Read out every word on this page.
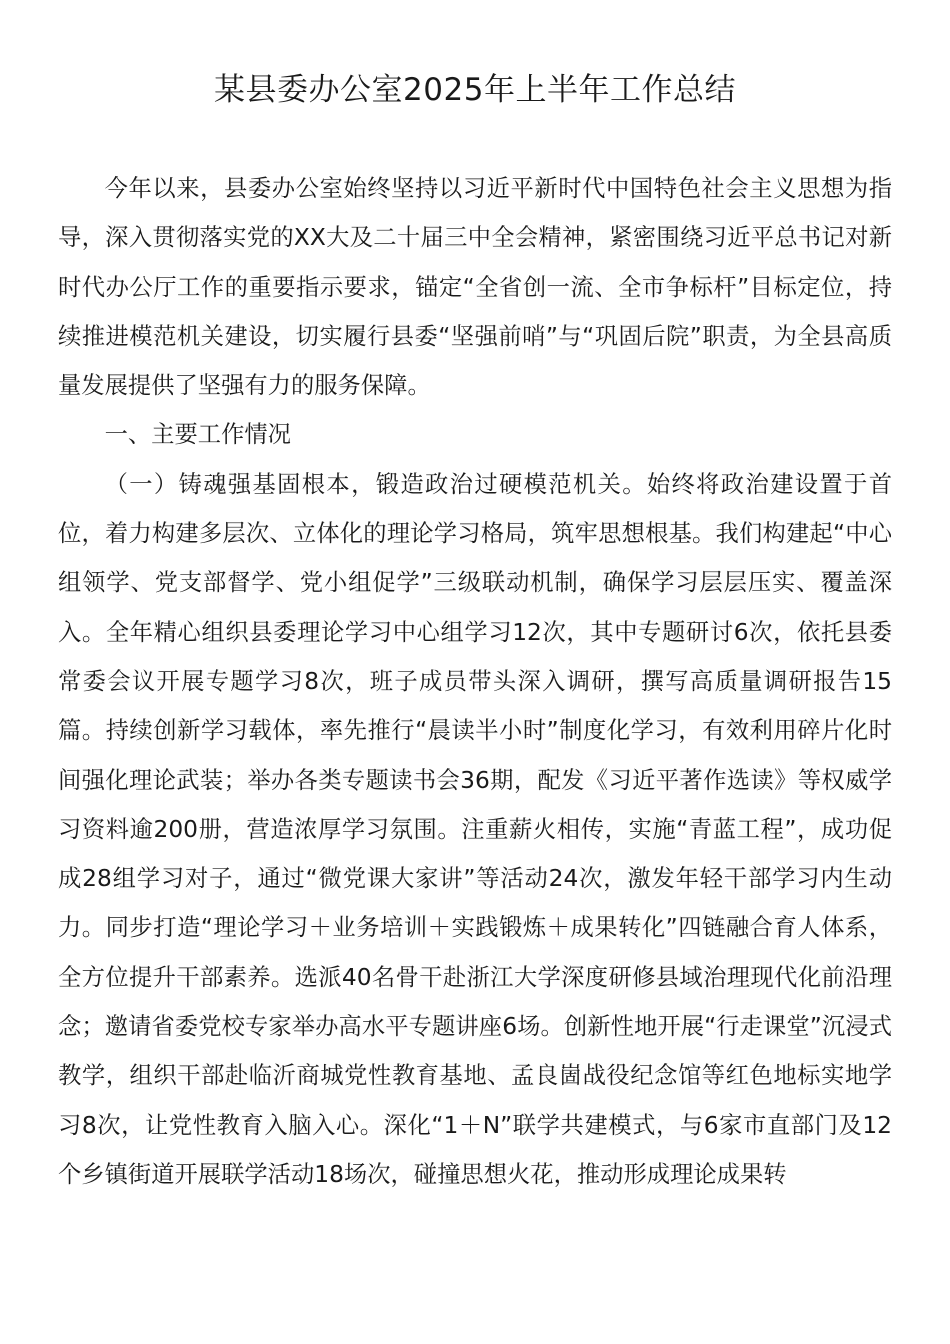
某县委办公室2025年上半年工作总结

今年以来，县委办公室始终坚持以习近平新时代中国特色社会主义思想为指导，深入贯彻落实党的XX大及二十届三中全会精神，紧密围绕习近平总书记对新时代办公厅工作的重要指示要求，锚定“全省创一流、全市争标杆”目标定位，持续推进模范机关建设，切实履行县委“坚强前哨”与“巩固后院”职责，为全县高质量发展提供了坚强有力的服务保障。

一、主要工作情况

（一）铸魂强基固根本，锻造政治过硬模范机关。始终将政治建设置于首位，着力构建多层次、立体化的理论学习格局，筑牢思想根基。我们构建起“中心组领学、党支部督学、党小组促学”三级联动机制，确保学习层层压实、覆盖深入。全年精心组织县委理论学习中心组学习12次，其中专题研讨6次，依托县委常委会议开展专题学习8次，班子成员带头深入调研，撰写高质量调研报告15篇。持续创新学习载体，率先推行“晨读半小时”制度化学习，有效利用碎片化时间强化理论武装；举办各类专题读书会36期，配发《习近平著作选读》等权威学习资料逾200册，营造浓厚学习氛围。注重薪火相传，实施“青蓝工程”，成功促成28组学习对子，通过“微党课大家讲”等活动24次，激发年轻干部学习内生动力。同步打造“理论学习＋业务培训＋实践锻炼＋成果转化”四链融合育人体系，全方位提升干部素养。选派40名骨干赴浙江大学深度研修县域治理现代化前沿理念；邀请省委党校专家举办高水平专题讲座6场。创新性地开展“行走课堂”沉浸式教学，组织干部赴临沂商城党性教育基地、孟良崮战役纪念馆等红色地标实地学习8次，让党性教育入脑入心。深化“1＋N”联学共建模式，与6家市直部门及12个乡镇街道开展联学活动18场次，碰撞思想火花，推动形成理论成果转
